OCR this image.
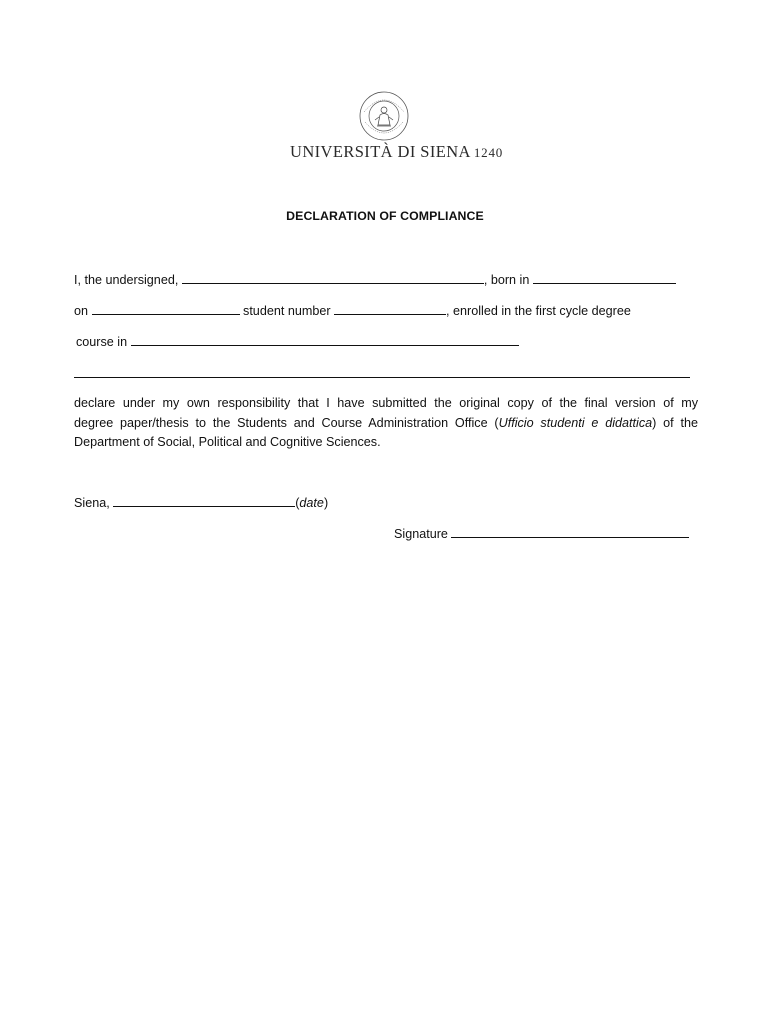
UNIVERSITÀ DI SIENA 1240
DECLARATION OF COMPLIANCE
I, the undersigned,	, born in
on	student number	, enrolled in the first cycle degree
course in
declare under my own responsibility that I have submitted the original copy of the final version of my
degree paper/thesis to the Students and Course Administration Office (Ufficio studenti e didattica) of the
Department of Social, Political and Cognitive Sciences.
Siena,	(date)
Signature
